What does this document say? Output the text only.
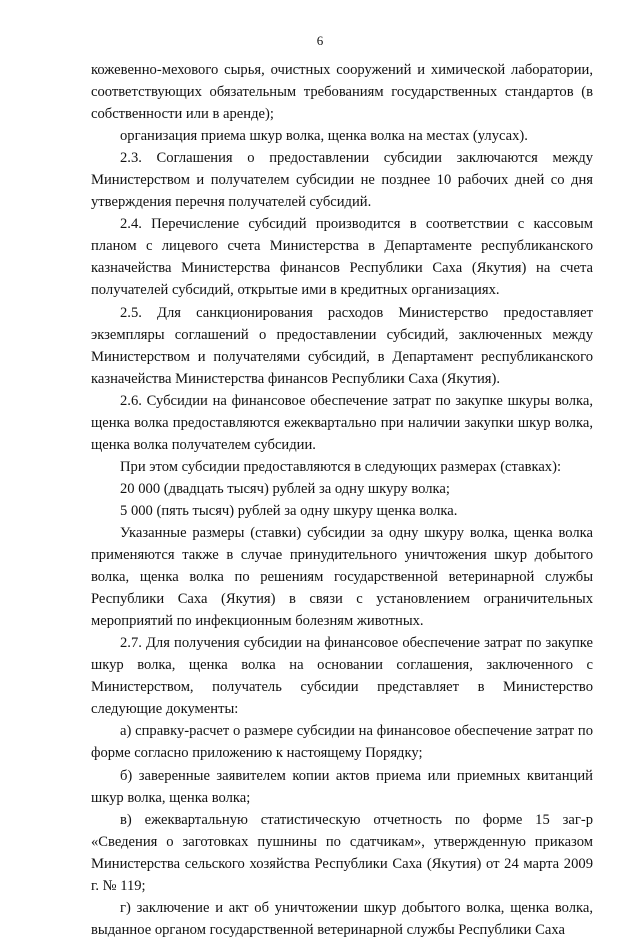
6

кожевенно-мехового сырья, очистных сооружений и химической лаборатории, соответствующих обязательным требованиям государственных стандартов (в собственности или в аренде);

организация приема шкур волка, щенка волка на местах (улусах).

2.3. Соглашения о предоставлении субсидии заключаются между Министерством и получателем субсидии не позднее 10 рабочих дней со дня утверждения перечня получателей субсидий.

2.4. Перечисление субсидий производится в соответствии с кассовым планом с лицевого счета Министерства в Департаменте республиканского казначейства Министерства финансов Республики Саха (Якутия) на счета получателей субсидий, открытые ими в кредитных организациях.

2.5. Для санкционирования расходов Министерство предоставляет экземпляры соглашений о предоставлении субсидий, заключенных между Министерством и получателями субсидий, в Департамент республиканского казначейства Министерства финансов Республики Саха (Якутия).

2.6. Субсидии на финансовое обеспечение затрат по закупке шкуры волка, щенка волка предоставляются ежеквартально при наличии закупки шкур волка, щенка волка получателем субсидии.

При этом субсидии предоставляются в следующих размерах (ставках):

20 000 (двадцать тысяч) рублей за одну шкуру волка;

5 000 (пять тысяч) рублей за одну шкуру щенка волка.

Указанные размеры (ставки) субсидии за одну шкуру волка, щенка волка применяются также в случае принудительного уничтожения шкур добытого волка, щенка волка по решениям государственной ветеринарной службы Республики Саха (Якутия) в связи с установлением ограничительных мероприятий по инфекционным болезням животных.

2.7. Для получения субсидии на финансовое обеспечение затрат по закупке шкур волка, щенка волка на основании соглашения, заключенного с Министерством, получатель субсидии представляет в Министерство следующие документы:

а) справку-расчет о размере субсидии на финансовое обеспечение затрат по форме согласно приложению к настоящему Порядку;

б) заверенные заявителем копии актов приема или приемных квитанций шкур волка, щенка волка;

в) ежеквартальную статистическую отчетность по форме 15 заг-р «Сведения о заготовках пушнины по сдатчикам», утвержденную приказом Министерства сельского хозяйства Республики Саха (Якутия) от 24 марта 2009 г. № 119;

г) заключение и акт об уничтожении шкур добытого волка, щенка волка, выданное органом государственной ветеринарной службы Республики Саха
